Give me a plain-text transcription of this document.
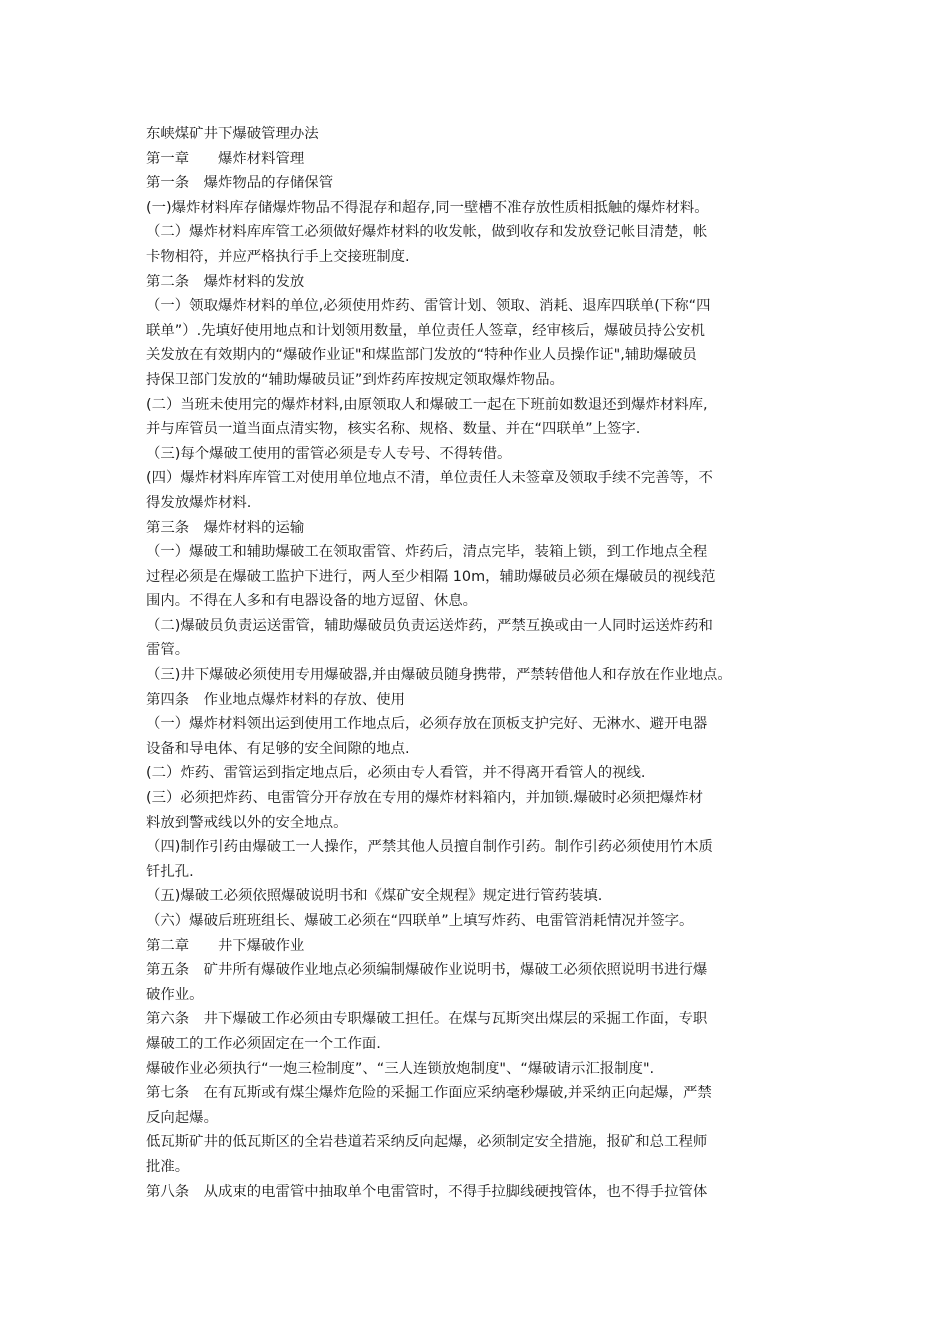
东峡煤矿井下爆破管理办法
第一章　　爆炸材料管理
第一条　爆炸物品的存储保管
(一)爆炸材料库存储爆炸物品不得混存和超存,同一壁槽不准存放性质相抵触的爆炸材料。
（二）爆炸材料库库管工必须做好爆炸材料的收发帐，做到收存和发放登记帐目清楚，帐
卡物相符，并应严格执行手上交接班制度.
第二条　爆炸材料的发放
（一）领取爆炸材料的单位,必须使用炸药、雷管计划、领取、消耗、退库四联单(下称“四
联单”）.先填好使用地点和计划领用数量，单位责任人签章，经审核后，爆破员持公安机
关发放在有效期内的“爆破作业证"和煤监部门发放的“特种作业人员操作证",辅助爆破员
持保卫部门发放的“辅助爆破员证”到炸药库按规定领取爆炸物品。
(二）当班未使用完的爆炸材料,由原领取人和爆破工一起在下班前如数退还到爆炸材料库,
并与库管员一道当面点清实物，核实名称、规格、数量、并在“四联单”上签字.
（三)每个爆破工使用的雷管必须是专人专号、不得转借。
(四）爆炸材料库库管工对使用单位地点不清，单位责任人未签章及领取手续不完善等，不
得发放爆炸材料.
第三条　爆炸材料的运输
（一）爆破工和辅助爆破工在领取雷管、炸药后，清点完毕，装箱上锁，到工作地点全程
过程必须是在爆破工监护下进行，两人至少相隔 10m，辅助爆破员必须在爆破员的视线范
围内。不得在人多和有电器设备的地方逗留、休息。
（二)爆破员负责运送雷管，辅助爆破员负责运送炸药，严禁互换或由一人同时运送炸药和
雷管。
（三)井下爆破必须使用专用爆破器,并由爆破员随身携带，严禁转借他人和存放在作业地点。
第四条　作业地点爆炸材料的存放、使用
（一）爆炸材料领出运到使用工作地点后，必须存放在顶板支护完好、无淋水、避开电器
设备和导电体、有足够的安全间隙的地点.
(二）炸药、雷管运到指定地点后，必须由专人看管，并不得离开看管人的视线.
(三）必须把炸药、电雷管分开存放在专用的爆炸材料箱内，并加锁.爆破时必须把爆炸材
料放到警戒线以外的安全地点。
（四)制作引药由爆破工一人操作，严禁其他人员擅自制作引药。制作引药必须使用竹木质
钎扎孔.
（五)爆破工必须依照爆破说明书和《煤矿安全规程》规定进行管药装填.
（六）爆破后班班组长、爆破工必须在“四联单”上填写炸药、电雷管消耗情况并签字。
第二章　　井下爆破作业
第五条　矿井所有爆破作业地点必须编制爆破作业说明书，爆破工必须依照说明书进行爆
破作业。
第六条　井下爆破工作必须由专职爆破工担任。在煤与瓦斯突出煤层的采掘工作面，专职
爆破工的工作必须固定在一个工作面.
爆破作业必须执行“一炮三检制度”、“三人连锁放炮制度"、“爆破请示汇报制度".
第七条　在有瓦斯或有煤尘爆炸危险的采掘工作面应采纳毫秒爆破,并采纳正向起爆，严禁
反向起爆。
低瓦斯矿井的低瓦斯区的全岩巷道若采纳反向起爆，必须制定安全措施，报矿和总工程师
批准。
第八条　从成束的电雷管中抽取单个电雷管时，不得手拉脚线硬拽管体，也不得手拉管体
